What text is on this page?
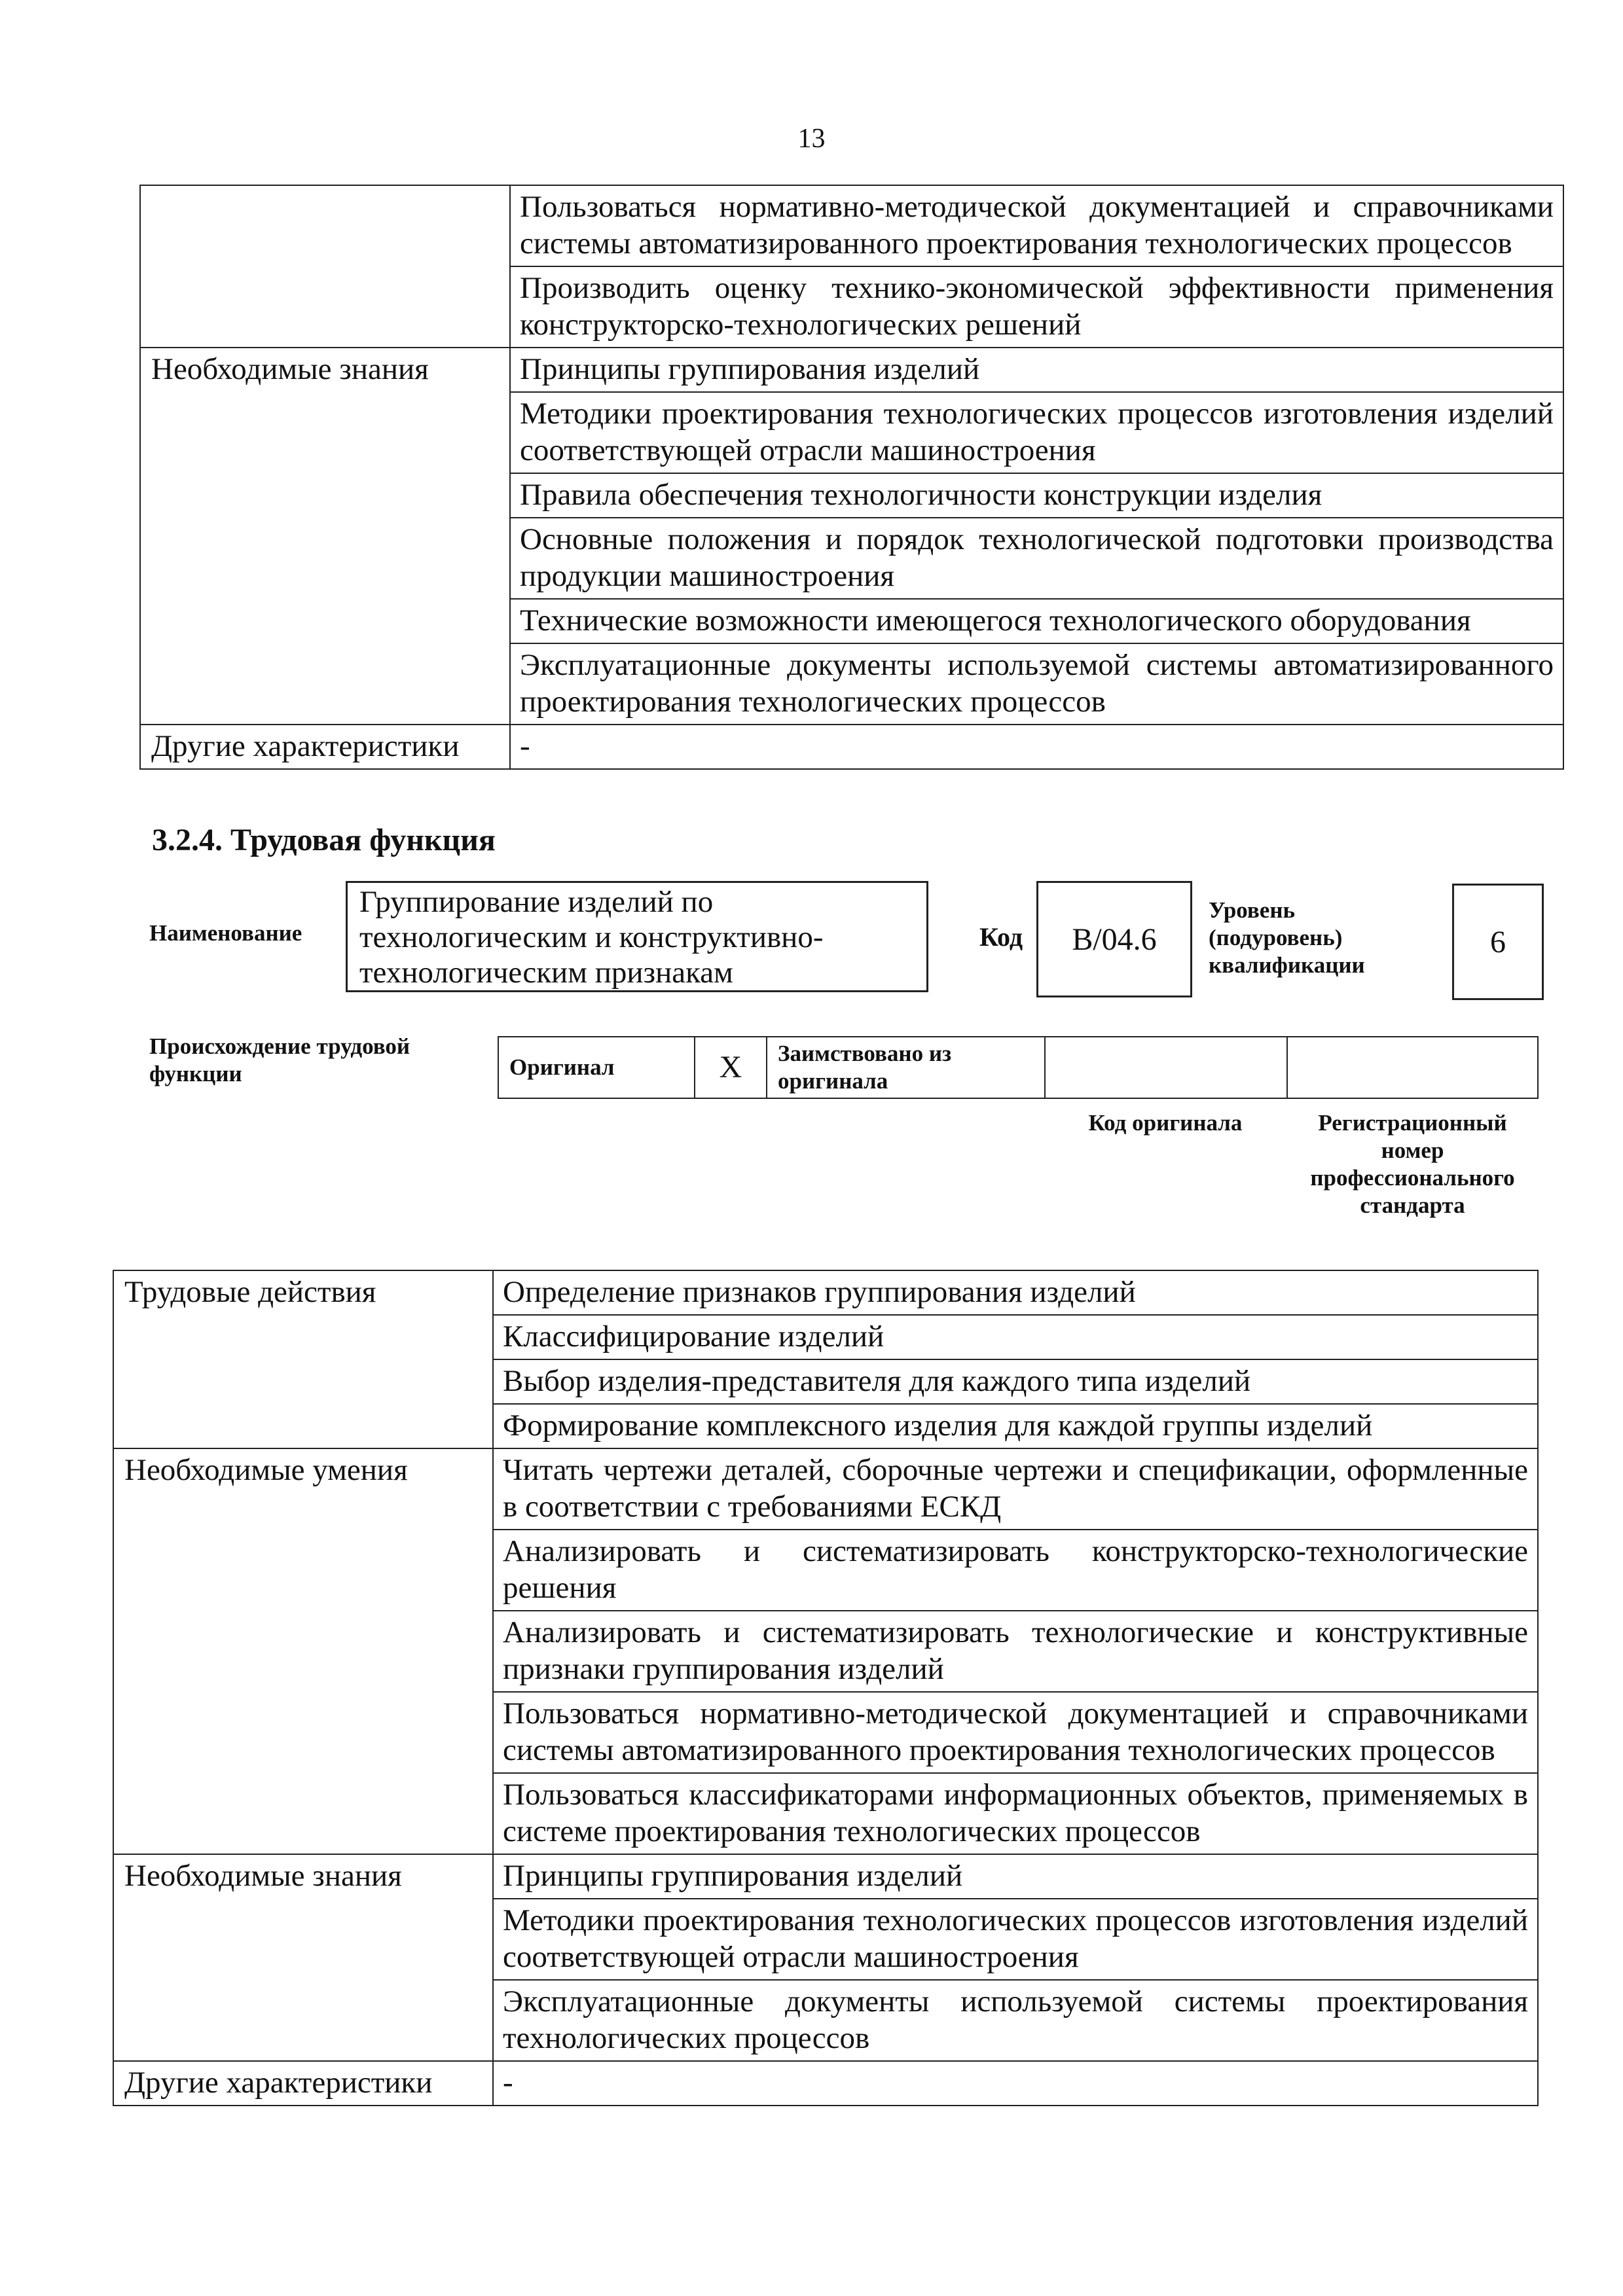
13
	Пользоваться нормативно-методической документацией и справочниками системы автоматизированного проектирования технологических процессов
	Производить оценку технико-экономической эффективности применения конструкторско-технологических решений
Необходимые знания	Принципы группирования изделий
	Методики проектирования технологических процессов изготовления изделий соответствующей отрасли машиностроения
	Правила обеспечения технологичности конструкции изделия
	Основные положения и порядок технологической подготовки производства продукции машиностроения
	Технические возможности имеющегося технологического оборудования
	Эксплуатационные документы используемой системы автоматизированного проектирования технологических процессов
Другие характеристики	-
3.2.4. Трудовая функция
Наименование
Группирование изделий по технологическим и конструктивно-технологическим признакам
Код	B/04.6
Уровень (подуровень) квалификации
6
Происхождение трудовой функции	Оригинал	X	Заимствовано из оригинала		
Код оригинала	Регистрационный номер профессионального стандарта
Трудовые действия	Определение признаков группирования изделий
	Классифицирование изделий
	Выбор изделия-представителя для каждого типа изделий
	Формирование комплексного изделия для каждой группы изделий
Необходимые умения	Читать чертежи деталей, сборочные чертежи и спецификации, оформленные в соответствии с требованиями ЕСКД
	Анализировать и систематизировать конструкторско-технологические решения
	Анализировать и систематизировать технологические и конструктивные признаки группирования изделий
	Пользоваться нормативно-методической документацией и справочниками системы автоматизированного проектирования технологических процессов
	Пользоваться классификаторами информационных объектов, применяемых в системе проектирования технологических процессов
Необходимые знания	Принципы группирования изделий
	Методики проектирования технологических процессов изготовления изделий соответствующей отрасли машиностроения
	Эксплуатационные документы используемой системы проектирования технологических процессов
Другие характеристики	-
